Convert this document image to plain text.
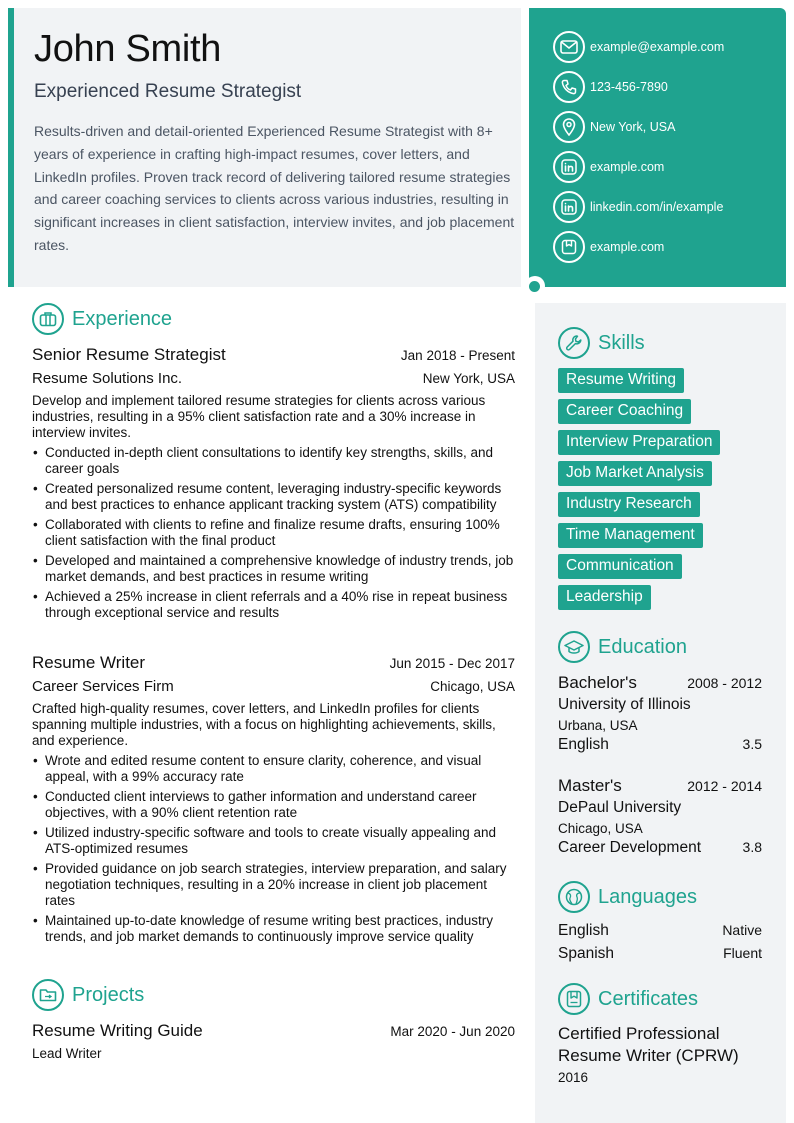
John Smith
Experienced Resume Strategist
Results-driven and detail-oriented Experienced Resume Strategist with 8+ years of experience in crafting high-impact resumes, cover letters, and LinkedIn profiles. Proven track record of delivering tailored resume strategies and career coaching services to clients across various industries, resulting in significant increases in client satisfaction, interview invites, and job placement rates.
example@example.com
123-456-7890
New York, USA
example.com
linkedin.com/in/example
example.com
Experience
Senior Resume Strategist	Jan 2018 - Present
Resume Solutions Inc.	New York, USA
Develop and implement tailored resume strategies for clients across various industries, resulting in a 95% client satisfaction rate and a 30% increase in interview invites.
• Conducted in-depth client consultations to identify key strengths, skills, and career goals
• Created personalized resume content, leveraging industry-specific keywords and best practices to enhance applicant tracking system (ATS) compatibility
• Collaborated with clients to refine and finalize resume drafts, ensuring 100% client satisfaction with the final product
• Developed and maintained a comprehensive knowledge of industry trends, job market demands, and best practices in resume writing
• Achieved a 25% increase in client referrals and a 40% rise in repeat business through exceptional service and results
Resume Writer	Jun 2015 - Dec 2017
Career Services Firm	Chicago, USA
Crafted high-quality resumes, cover letters, and LinkedIn profiles for clients spanning multiple industries, with a focus on highlighting achievements, skills, and experience.
• Wrote and edited resume content to ensure clarity, coherence, and visual appeal, with a 99% accuracy rate
• Conducted client interviews to gather information and understand career objectives, with a 90% client retention rate
• Utilized industry-specific software and tools to create visually appealing and ATS-optimized resumes
• Provided guidance on job search strategies, interview preparation, and salary negotiation techniques, resulting in a 20% increase in client job placement rates
• Maintained up-to-date knowledge of resume writing best practices, industry trends, and job market demands to continuously improve service quality
Projects
Resume Writing Guide	Mar 2020 - Jun 2020
Lead Writer
Skills
Resume Writing
Career Coaching
Interview Preparation
Job Market Analysis
Industry Research
Time Management
Communication
Leadership
Education
Bachelor's	2008 - 2012
University of Illinois
Urbana, USA
English	3.5
Master's	2012 - 2014
DePaul University
Chicago, USA
Career Development	3.8
Languages
English	Native
Spanish	Fluent
Certificates
Certified Professional Resume Writer (CPRW)
2016
